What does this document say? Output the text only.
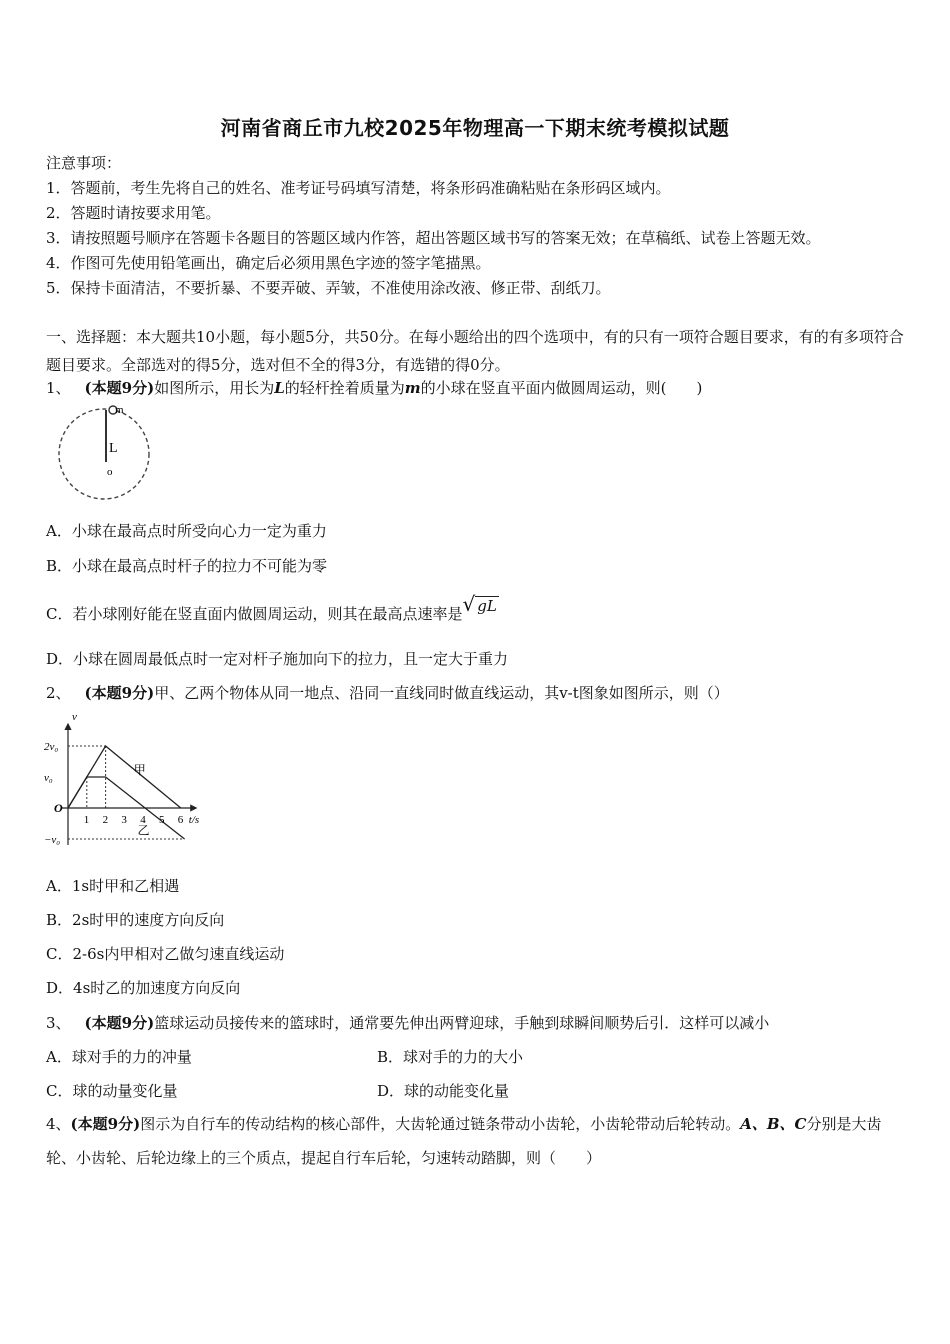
河南省商丘市九校2025年物理高一下期末统考模拟试题
注意事项：
1．答题前，考生先将自己的姓名、准考证号码填写清楚，将条形码准确粘贴在条形码区域内。
2．答题时请按要求用笔。
3．请按照题号顺序在答题卡各题目的答题区域内作答，超出答题区域书写的答案无效；在草稿纸、试卷上答题无效。
4．作图可先使用铅笔画出，确定后必须用黑色字迹的签字笔描黑。
5．保持卡面清洁，不要折暴、不要弄破、弄皱，不准使用涂改液、修正带、刮纸刀。
一、选择题：本大题共10小题，每小题5分，共50分。在每小题给出的四个选项中，有的只有一项符合题目要求，有的有多项符合题目要求。全部选对的得5分，选对但不全的得3分，有选错的得0分。
1、 (本题9分)如图所示，用长为L的轻杆拴着质量为m的小球在竖直平面内做圆周运动，则(　　)
m
L
o
A．小球在最高点时所受向心力一定为重力
B．小球在最高点时杆子的拉力不可能为零
C．若小球刚好能在竖直面内做圆周运动，则其在最高点速率是√ gL
D．小球在圆周最低点时一定对杆子施加向下的拉力，且一定大于重力
2、 (本题9分)甲、乙两个物体从同一地点、沿同一直线同时做直线运动，其v-t图象如图所示，则（）
1 2 3 4 5 6
2v₀
v₀
−v₀
t/s
v
O
甲
乙
A．1s时甲和乙相遇
B．2s时甲的速度方向反向
C．2-6s内甲相对乙做匀速直线运动
D．4s时乙的加速度方向反向
3、 (本题9分)篮球运动员接传来的篮球时，通常要先伸出两臂迎球，手触到球瞬间顺势后引．这样可以减小
A．球对手的力的冲量	B．球对手的力的大小
C．球的动量变化量	D．球的动能变化量
4、(本题9分)图示为自行车的传动结构的核心部件，大齿轮通过链条带动小齿轮，小齿轮带动后轮转动。A、B、C分别是大齿轮、小齿轮、后轮边缘上的三个质点，提起自行车后轮，匀速转动踏脚，则（　　）
